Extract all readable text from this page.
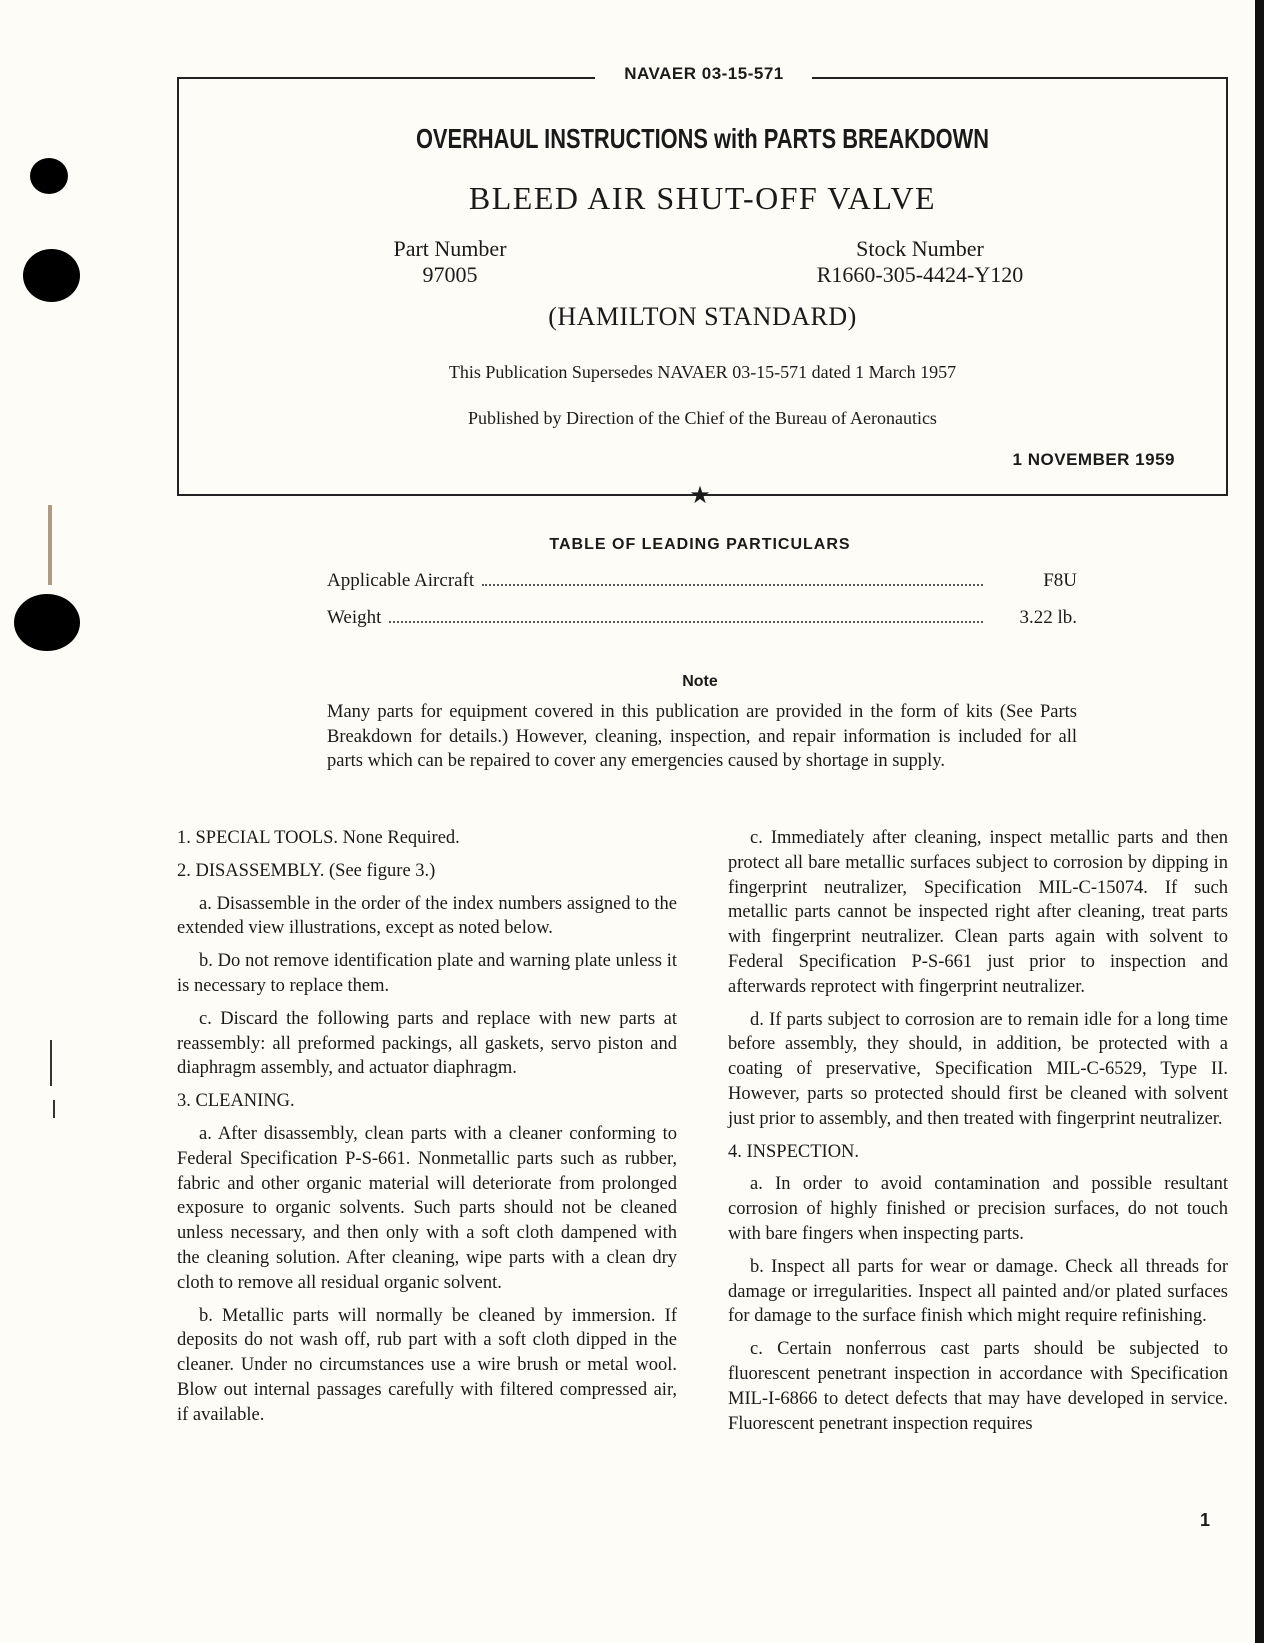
NAVAER 03-15-571
OVERHAUL INSTRUCTIONS with PARTS BREAKDOWN
BLEED AIR SHUT-OFF VALVE
Part Number
97005
Stock Number
R1660-305-4424-Y120
(HAMILTON STANDARD)
This Publication Supersedes NAVAER 03-15-571 dated 1 March 1957
Published by Direction of the Chief of the Bureau of Aeronautics
1 NOVEMBER 1959
★
TABLE OF LEADING PARTICULARS
Applicable Aircraft	F8U
Weight	3.22 lb.
Note
Many parts for equipment covered in this publication are provided in the form of kits (See Parts Breakdown for details.) However, cleaning, inspection, and repair information is included for all parts which can be repaired to cover any emergencies caused by shortage in supply.

1. SPECIAL TOOLS. None Required.

2. DISASSEMBLY. (See figure 3.)

a. Disassemble in the order of the index numbers assigned to the extended view illustrations, except as noted below.

b. Do not remove identification plate and warning plate unless it is necessary to replace them.

c. Discard the following parts and replace with new parts at reassembly: all preformed packings, all gaskets, servo piston and diaphragm assembly, and actuator diaphragm.

3. CLEANING.

a. After disassembly, clean parts with a cleaner conforming to Federal Specification P-S-661. Nonmetallic parts such as rubber, fabric and other organic material will deteriorate from prolonged exposure to organic solvents. Such parts should not be cleaned unless necessary, and then only with a soft cloth dampened with the cleaning solution. After cleaning, wipe parts with a clean dry cloth to remove all residual organic solvent.

b. Metallic parts will normally be cleaned by immersion. If deposits do not wash off, rub part with a soft cloth dipped in the cleaner. Under no circumstances use a wire brush or metal wool. Blow out internal passages carefully with filtered compressed air, if available.

c. Immediately after cleaning, inspect metallic parts and then protect all bare metallic surfaces subject to corrosion by dipping in fingerprint neutralizer, Specification MIL-C-15074. If such metallic parts cannot be inspected right after cleaning, treat parts with fingerprint neutralizer. Clean parts again with solvent to Federal Specification P-S-661 just prior to inspection and afterwards reprotect with fingerprint neutralizer.

d. If parts subject to corrosion are to remain idle for a long time before assembly, they should, in addition, be protected with a coating of preservative, Specification MIL-C-6529, Type II. However, parts so protected should first be cleaned with solvent just prior to assembly, and then treated with fingerprint neutralizer.

4. INSPECTION.

a. In order to avoid contamination and possible resultant corrosion of highly finished or precision surfaces, do not touch with bare fingers when inspecting parts.

b. Inspect all parts for wear or damage. Check all threads for damage or irregularities. Inspect all painted and/or plated surfaces for damage to the surface finish which might require refinishing.

c. Certain nonferrous cast parts should be subjected to fluorescent penetrant inspection in accordance with Specification MIL-I-6866 to detect defects that may have developed in service. Fluorescent penetrant inspection requires

1
